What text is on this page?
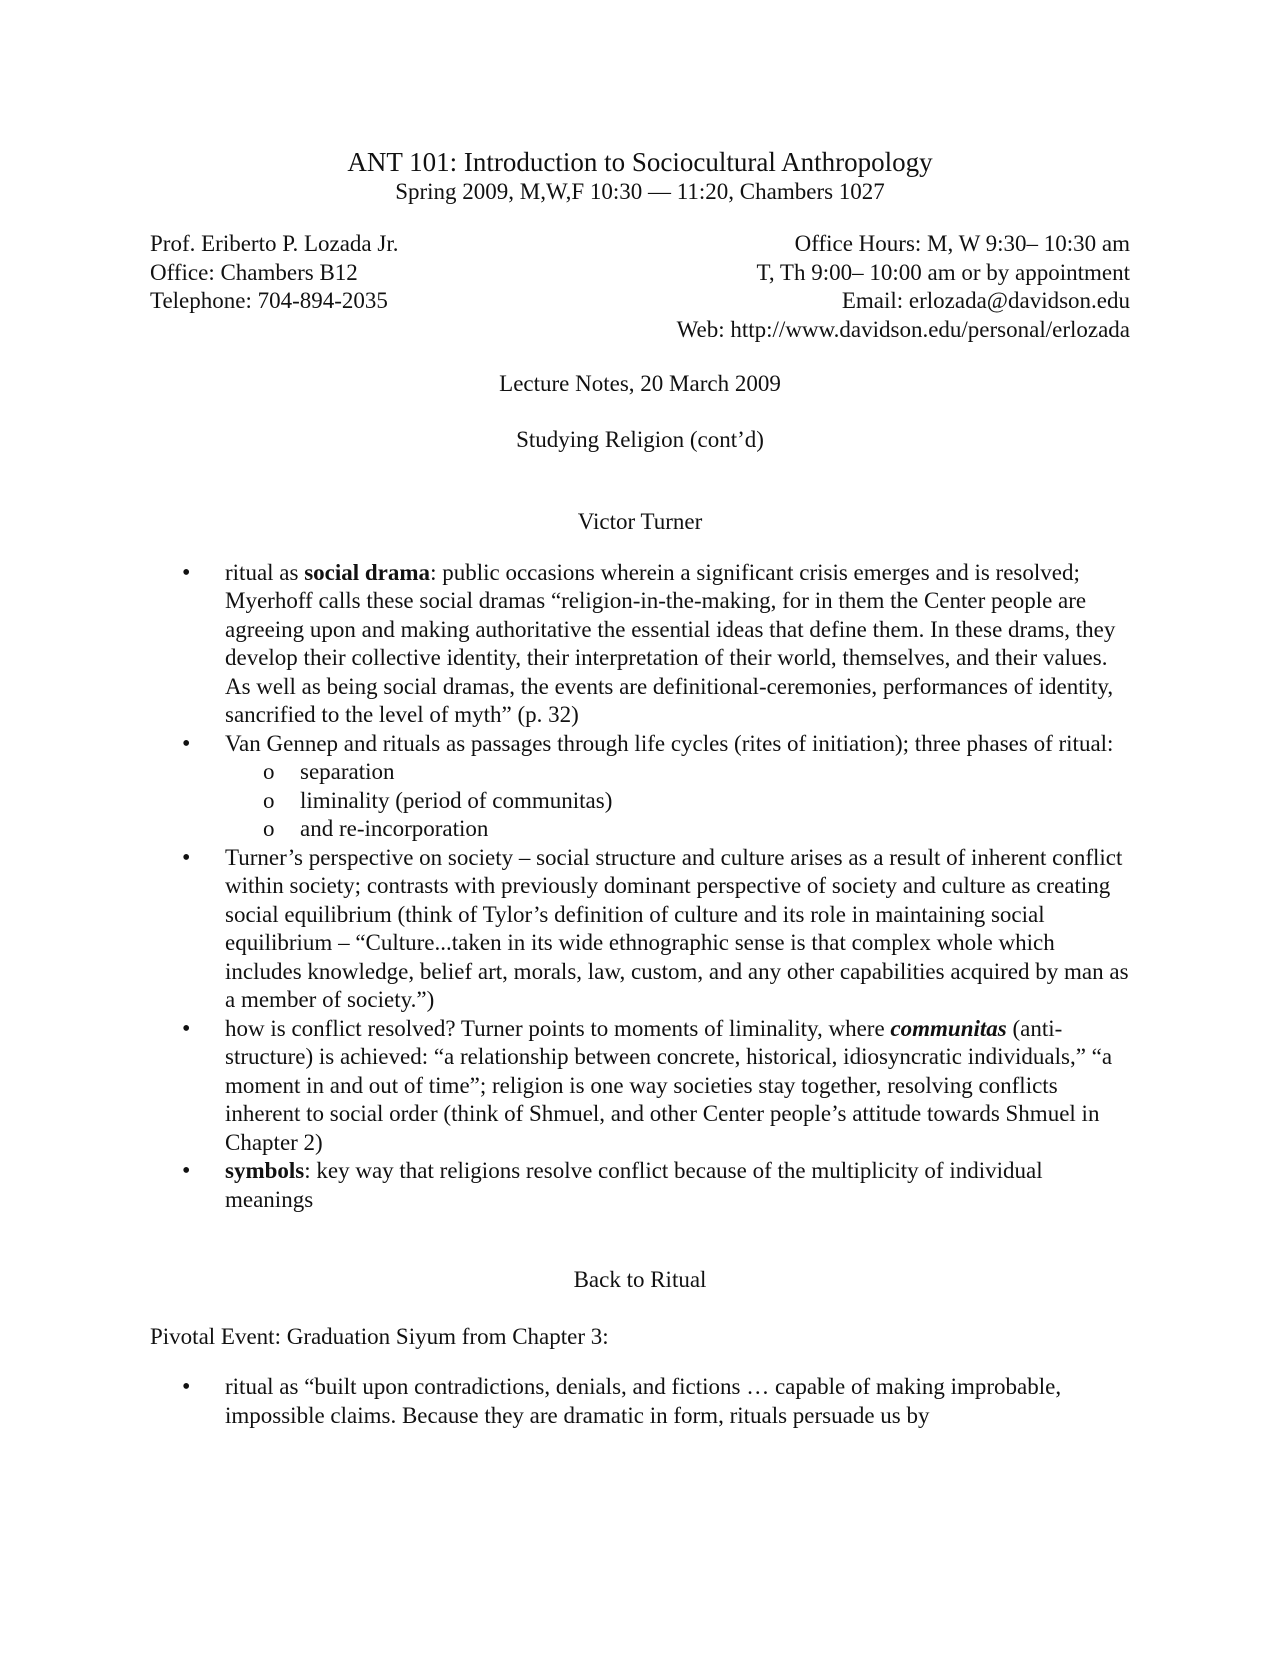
ANT 101: Introduction to Sociocultural Anthropology
Spring 2009, M,W,F 10:30 — 11:20, Chambers 1027
Prof. Eriberto P. Lozada Jr.
Office: Chambers B12
Telephone: 704-894-2035
Office Hours: M, W 9:30– 10:30 am
T, Th 9:00– 10:00 am or by appointment
Email: erlozada@davidson.edu
Web: http://www.davidson.edu/personal/erlozada
Lecture Notes, 20 March 2009
Studying Religion (cont’d)
Victor Turner
• ritual as social drama: public occasions wherein a significant crisis emerges and is resolved; Myerhoff calls these social dramas “religion-in-the-making, for in them the Center people are agreeing upon and making authoritative the essential ideas that define them. In these drams, they develop their collective identity, their interpretation of their world, themselves, and their values. As well as being social dramas, the events are definitional-ceremonies, performances of identity, sancrified to the level of myth” (p. 32)
• Van Gennep and rituals as passages through life cycles (rites of initiation); three phases of ritual:
o separation
o liminality (period of communitas)
o and re-incorporation
• Turner’s perspective on society – social structure and culture arises as a result of inherent conflict within society; contrasts with previously dominant perspective of society and culture as creating social equilibrium (think of Tylor’s definition of culture and its role in maintaining social equilibrium – “Culture...taken in its wide ethnographic sense is that complex whole which includes knowledge, belief art, morals, law, custom, and any other capabilities acquired by man as a member of society.”)
• how is conflict resolved? Turner points to moments of liminality, where communitas (anti-structure) is achieved: “a relationship between concrete, historical, idiosyncratic individuals,” “a moment in and out of time”; religion is one way societies stay together, resolving conflicts inherent to social order (think of Shmuel, and other Center people’s attitude towards Shmuel in Chapter 2)
• symbols: key way that religions resolve conflict because of the multiplicity of individual meanings
Back to Ritual
Pivotal Event: Graduation Siyum from Chapter 3:
• ritual as “built upon contradictions, denials, and fictions … capable of making improbable, impossible claims. Because they are dramatic in form, rituals persuade us by
